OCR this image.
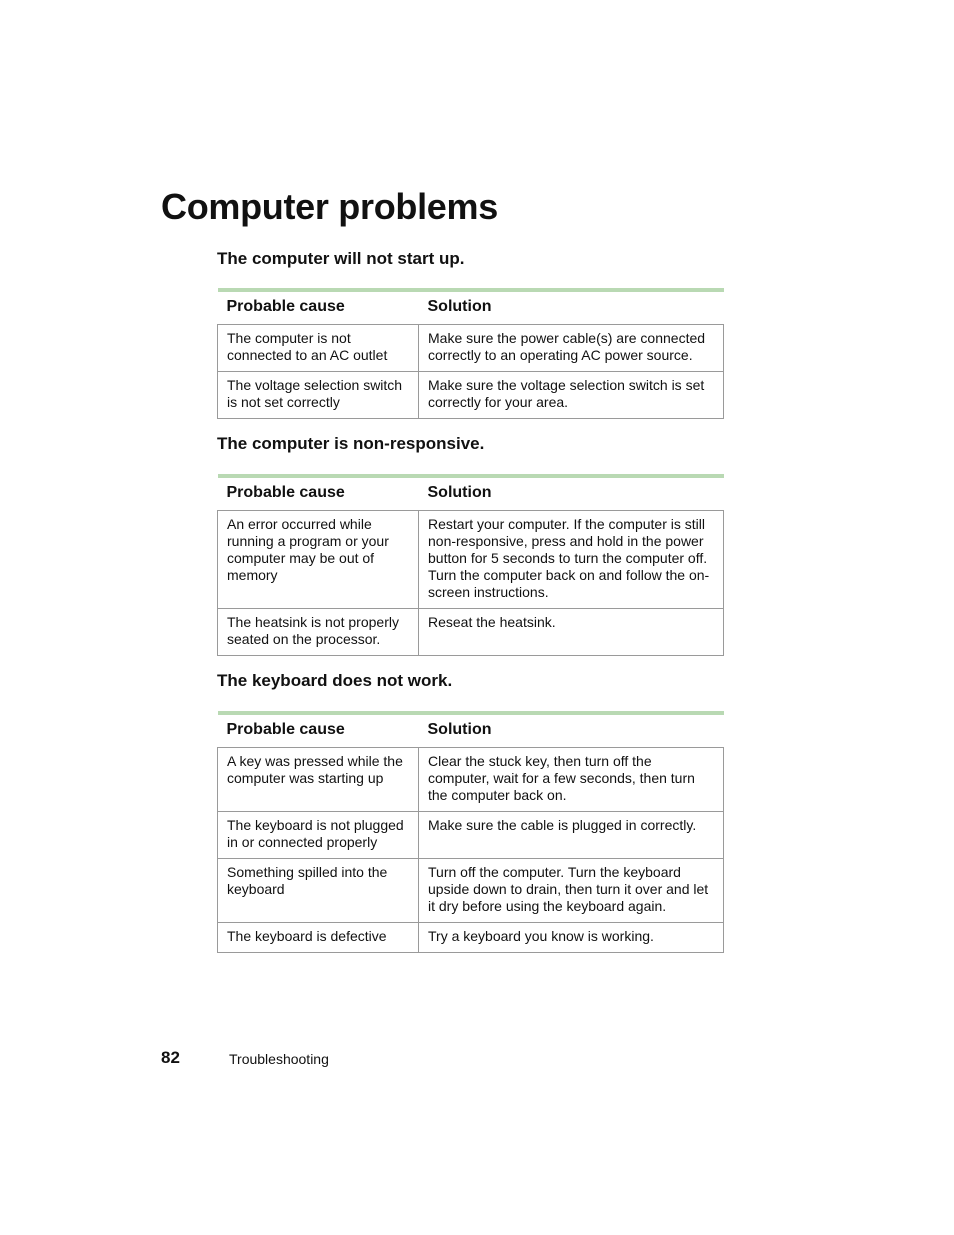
Computer problems
The computer will not start up.
Probable cause	Solution
The computer is not connected to an AC outlet	Make sure the power cable(s) are connected correctly to an operating AC power source.
The voltage selection switch is not set correctly	Make sure the voltage selection switch is set correctly for your area.
The computer is non-responsive.
Probable cause	Solution
An error occurred while running a program or your computer may be out of memory	Restart your computer. If the computer is still non-responsive, press and hold in the power button for 5 seconds to turn the computer off. Turn the computer back on and follow the on-screen instructions.
The heatsink is not properly seated on the processor.	Reseat the heatsink.
The keyboard does not work.
Probable cause	Solution
A key was pressed while the computer was starting up	Clear the stuck key, then turn off the computer, wait for a few seconds, then turn the computer back on.
The keyboard is not plugged in or connected properly	Make sure the cable is plugged in correctly.
Something spilled into the keyboard	Turn off the computer. Turn the keyboard upside down to drain, then turn it over and let it dry before using the keyboard again.
The keyboard is defective	Try a keyboard you know is working.
82	Troubleshooting
